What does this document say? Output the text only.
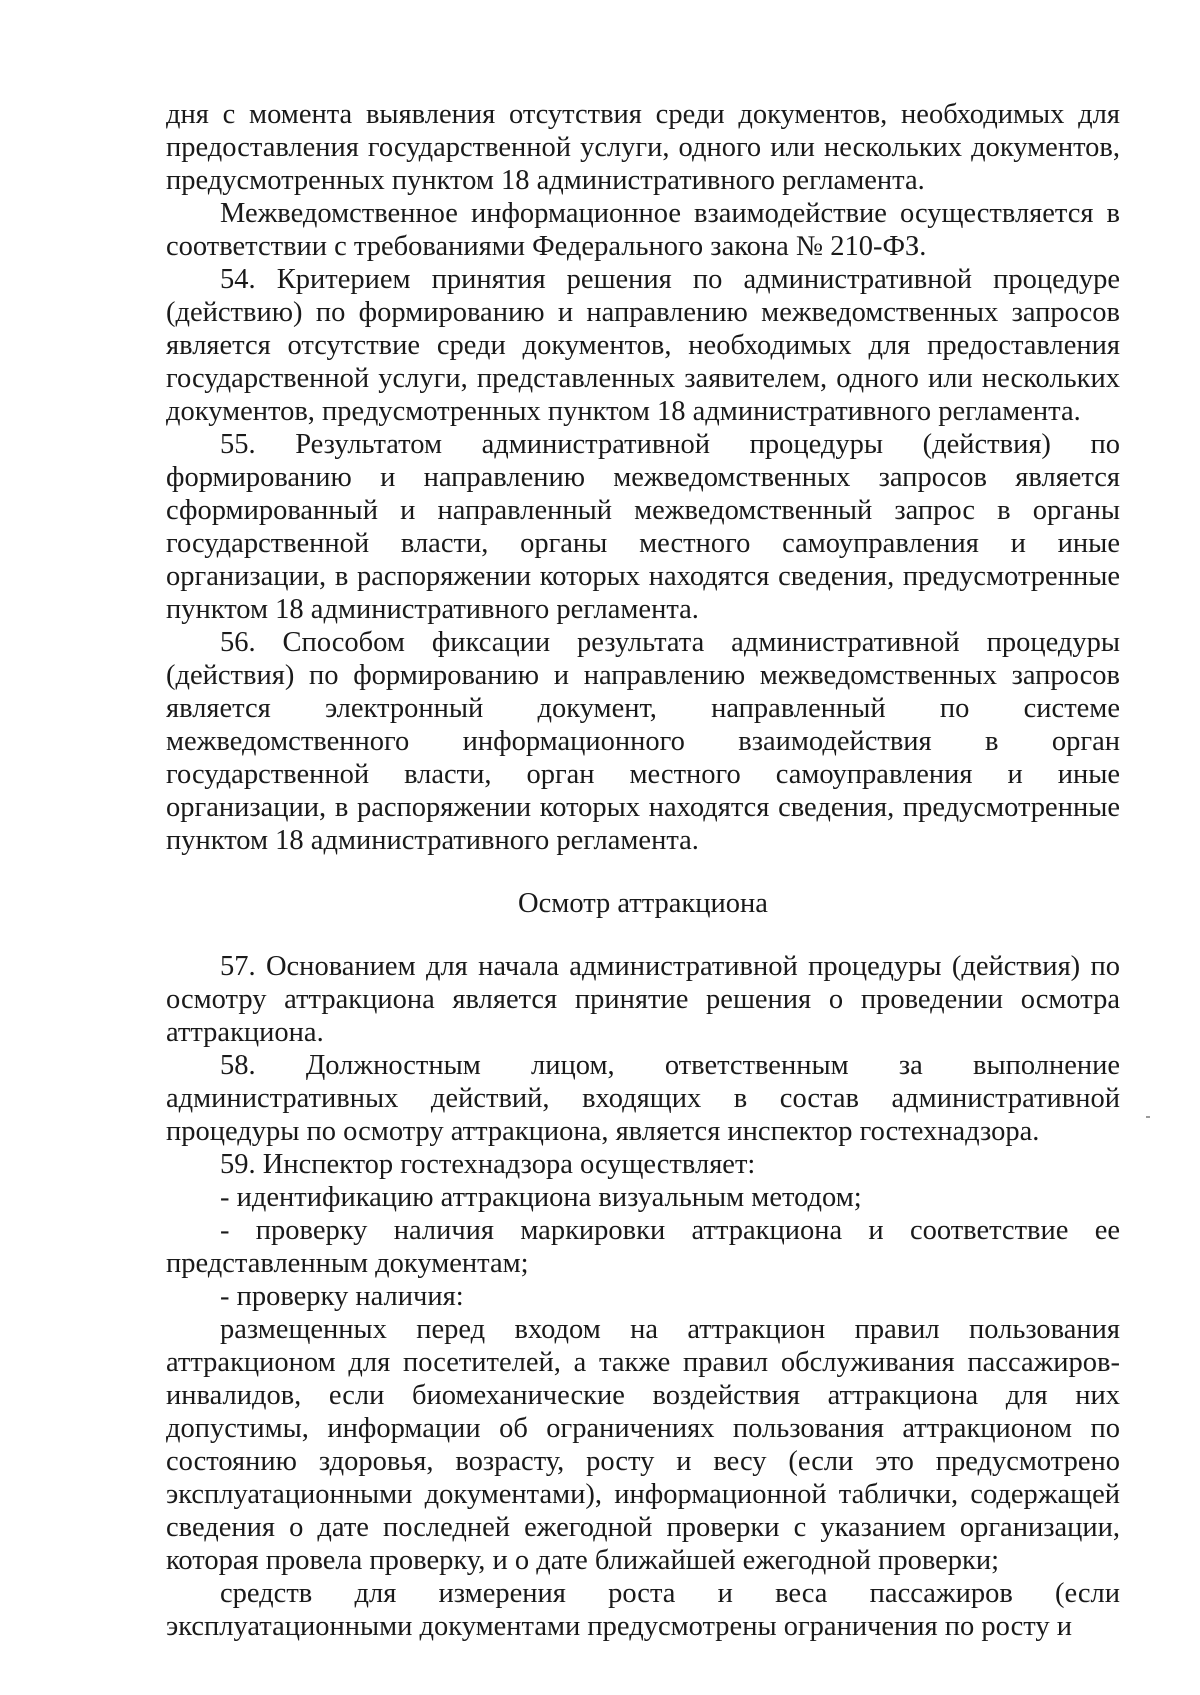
дня с момента выявления отсутствия среди документов, необходимых для предоставления государственной услуги, одного или нескольких документов, предусмотренных пунктом 18 административного регламента.

Межведомственное информационное взаимодействие осуществляется в соответствии с требованиями Федерального закона № 210-ФЗ.

54. Критерием принятия решения по административной процедуре (действию) по формированию и направлению межведомственных запросов является отсутствие среди документов, необходимых для предоставления государственной услуги, представленных заявителем, одного или нескольких документов, предусмотренных пунктом 18 административного регламента.

55. Результатом административной процедуры (действия) по формированию и направлению межведомственных запросов является сформированный и направленный межведомственный запрос в органы государственной власти, органы местного самоуправления и иные организации, в распоряжении которых находятся сведения, предусмотренные пунктом 18 административного регламента.

56. Способом фиксации результата административной процедуры (действия) по формированию и направлению межведомственных запросов является электронный документ, направленный по системе межведомственного информационного взаимодействия в орган государственной власти, орган местного самоуправления и иные организации, в распоряжении которых находятся сведения, предусмотренные пунктом 18 административного регламента.

Осмотр аттракциона

57. Основанием для начала административной процедуры (действия) по осмотру аттракциона является принятие решения о проведении осмотра аттракциона.

58. Должностным лицом, ответственным за выполнение административных действий, входящих в состав административной процедуры по осмотру аттракциона, является инспектор гостехнадзора.

59. Инспектор гостехнадзора осуществляет:

- идентификацию аттракциона визуальным методом;

- проверку наличия маркировки аттракциона и соответствие ее представленным документам;

- проверку наличия:

размещенных перед входом на аттракцион правил пользования аттракционом для посетителей, а также правил обслуживания пассажиров-инвалидов, если биомеханические воздействия аттракциона для них допустимы, информации об ограничениях пользования аттракционом по состоянию здоровья, возрасту, росту и весу (если это предусмотрено эксплуатационными документами), информационной таблички, содержащей сведения о дате последней ежегодной проверки с указанием организации, которая провела проверку, и о дате ближайшей ежегодной проверки;

средств для измерения роста и веса пассажиров (если эксплуатационными документами предусмотрены ограничения по росту и
